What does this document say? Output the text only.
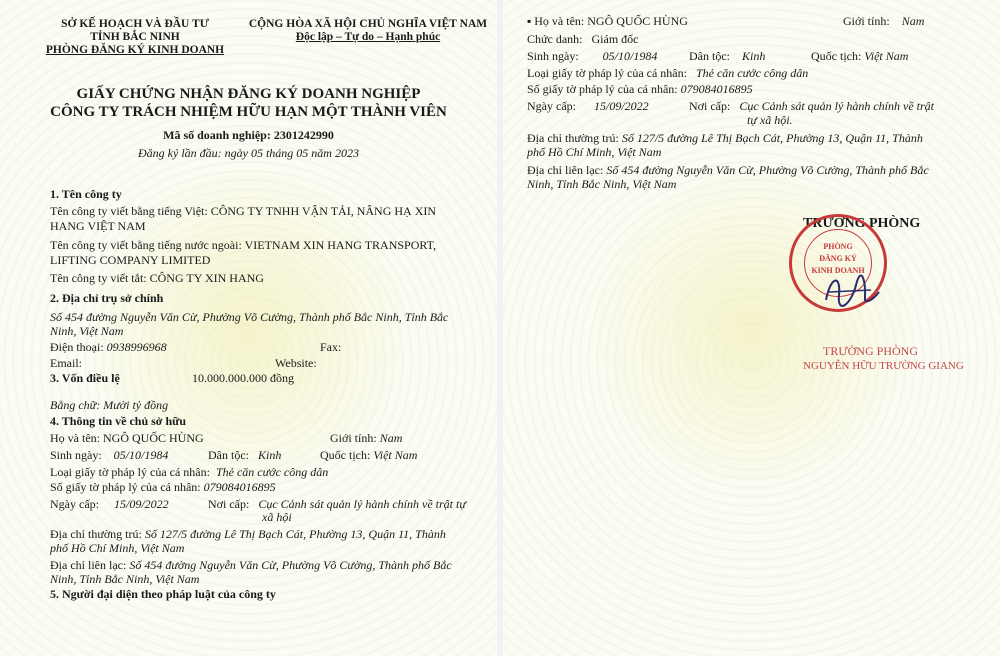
SỞ KẾ HOẠCH VÀ ĐẦU TƯ
TỈNH BẮC NINH
PHÒNG ĐĂNG KÝ KINH DOANH
CỘNG HÒA XÃ HỘI CHỦ NGHĨA VIỆT NAM
Độc lập – Tự do – Hạnh phúc
GIẤY CHỨNG NHẬN ĐĂNG KÝ DOANH NGHIỆP
CÔNG TY TRÁCH NHIỆM HỮU HẠN MỘT THÀNH VIÊN
Mã số doanh nghiệp: 2301242990
Đăng ký lần đầu: ngày 05 tháng 05 năm 2023
1. Tên công ty
Tên công ty viết bằng tiếng Việt: CÔNG TY TNHH VẬN TẢI, NÂNG HẠ XIN
HANG VIỆT NAM
Tên công ty viết bằng tiếng nước ngoài: VIETNAM XIN HANG TRANSPORT,
LIFTING COMPANY LIMITED
Tên công ty viết tắt: CÔNG TY XIN HANG
2. Địa chỉ trụ sở chính
Số 454 đường Nguyễn Văn Cừ, Phường Võ Cường, Thành phố Bắc Ninh, Tỉnh Bắc
Ninh, Việt Nam
Điện thoại: 0938996968	Fax:
Email:	Website:
3. Vốn điều lệ	10.000.000.000 đồng
Bằng chữ: Mười tỷ đồng
4. Thông tin về chủ sở hữu
Họ và tên: NGÔ QUỐC HÙNG	Giới tính: Nam
Sinh ngày: 05/10/1984	Dân tộc: Kinh	Quốc tịch: Việt Nam
Loại giấy tờ pháp lý của cá nhân: Thẻ căn cước công dân
Số giấy tờ pháp lý của cá nhân: 079084016895
Ngày cấp: 15/09/2022	Nơi cấp: Cục Cảnh sát quản lý hành chính về trật tự
xã hội
Địa chỉ thường trú: Số 127/5 đường Lê Thị Bạch Cát, Phường 13, Quận 11, Thành
phố Hồ Chí Minh, Việt Nam
Địa chỉ liên lạc: Số 454 đường Nguyễn Văn Cừ, Phường Võ Cường, Thành phố Bắc
Ninh, Tỉnh Bắc Ninh, Việt Nam
5. Người đại diện theo pháp luật của công ty
▪ Họ và tên: NGÔ QUỐC HÙNG	Giới tính: Nam
Chức danh: Giám đốc
Sinh ngày: 05/10/1984	Dân tộc: Kinh	Quốc tịch: Việt Nam
Loại giấy tờ pháp lý của cá nhân: Thẻ căn cước công dân
Số giấy tờ pháp lý của cá nhân: 079084016895
Ngày cấp: 15/09/2022	Nơi cấp: Cục Cảnh sát quản lý hành chính về trật
tự xã hội.
Địa chỉ thường trú: Số 127/5 đường Lê Thị Bạch Cát, Phường 13, Quận 11, Thành
phố Hồ Chí Minh, Việt Nam
Địa chỉ liên lạc: Số 454 đường Nguyễn Văn Cừ, Phường Võ Cường, Thành phố Bắc
Ninh, Tỉnh Bắc Ninh, Việt Nam
TRƯỞNG PHÒNG
PHÒNG
ĐĂNG KÝ
KINH DOANH
TRƯỞNG PHÒNG
NGUYỄN HỮU TRƯỜNG GIANG
